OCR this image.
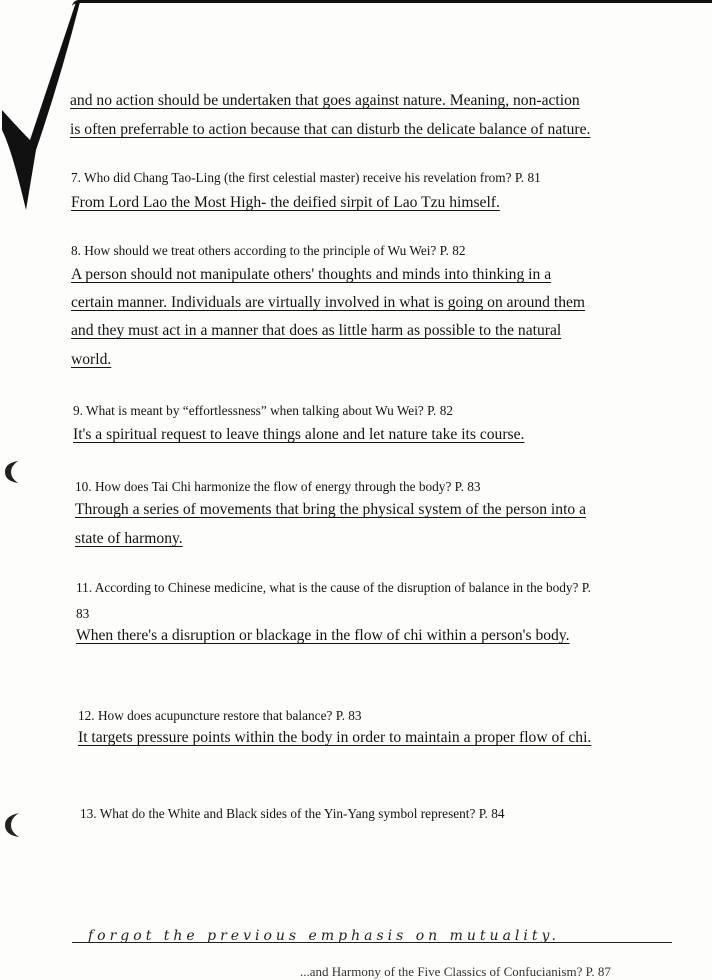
and no action should be undertaken that goes against nature. Meaning, non-action
is often preferrable to action because that can disturb the delicate balance of nature.
7. Who did Chang Tao-Ling (the first celestial master) receive his revelation from? P. 81
From Lord Lao the Most High- the deified sirpit of Lao Tzu himself.
8. How should we treat others according to the principle of Wu Wei? P. 82
A person should not manipulate others' thoughts and minds into thinking in a
certain manner. Individuals are virtually involved in what is going on around them
and they must act in a manner that does as little harm as possible to the natural
world.
9. What is meant by “effortlessness” when talking about Wu Wei? P. 82
It's a spiritual request to leave things alone and let nature take its course.
10. How does Tai Chi harmonize the flow of energy through the body? P. 83
Through a series of movements that bring the physical system of the person into a
state of harmony.
11. According to Chinese medicine, what is the cause of the disruption of balance in the body? P.
83
When there's a disruption or blackage in the flow of chi within a person's body.
12. How does acupuncture restore that balance? P. 83
It targets pressure points within the body in order to maintain a proper flow of chi.
13. What do the White and Black sides of the Yin-Yang symbol represent? P. 84
forgot the previous emphasis on mutuality.
...and Harmony of the Five Classics of Confucianism? P. 87
